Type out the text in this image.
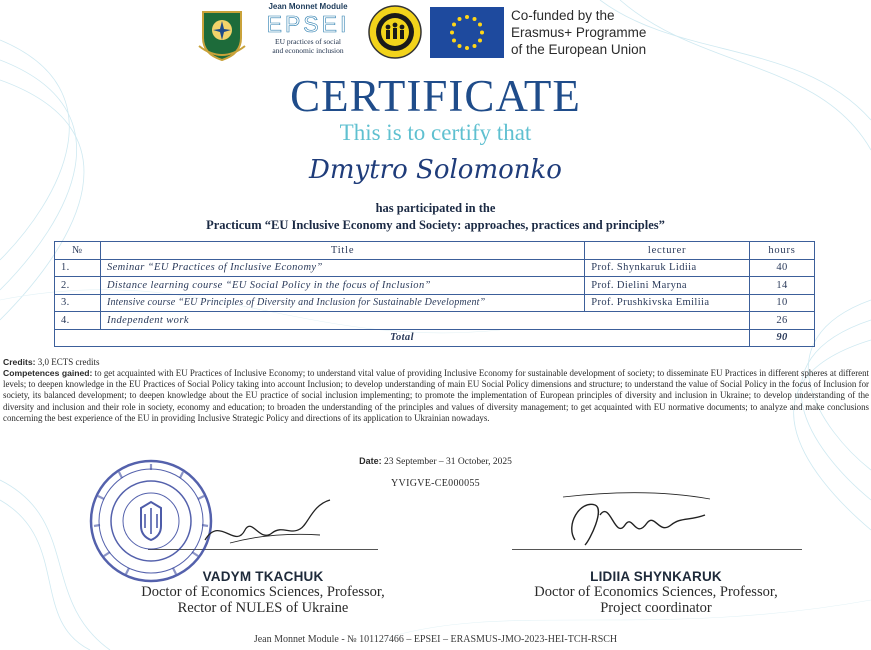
Jean Monnet Module
EPSEI
EU practices of social
and economic inclusion
Co-funded by the
Erasmus+ Programme
of the European Union
CERTIFICATE
This is to certify that
Dmytro Solomonko
has participated in the
Practicum “EU Inclusive Economy and Society: approaches, practices and principles”
№	Title	lecturer	hours
1.	Seminar “EU Practices of Inclusive Economy”	Prof. Shynkaruk Lidiia	40
2.	Distance learning course “EU Social Policy in the focus of Inclusion”	Prof. Dielini Maryna	14
3.	Intensive course “EU Principles of Diversity and Inclusion for Sustainable Development”	Prof. Prushkivska Emiliia	10
4.	Independent work		26
Total			90
Credits: 3,0 ECTS credits
Competences gained: to get acquainted with EU Practices of Inclusive Economy; to understand vital value of providing Inclusive Economy for sustainable development of society; to disseminate EU Practices in different spheres at different levels; to deepen knowledge in the EU Practices of Social Policy taking into account Inclusion; to develop understanding of main EU Social Policy dimensions and structure; to understand the value of Social Policy in the focus of Inclusion for society, its balanced development; to deepen knowledge about the EU practice of social inclusion implementing; to promote the implementation of European principles of diversity and inclusion in Ukraine; to develop understanding of the diversity and inclusion and their role in society, economy and education; to broaden the understanding of the principles and values of diversity management; to get acquainted with EU normative documents; to analyze and make conclusions concerning the best experience of the EU in providing Inclusive Strategic Policy and directions of its application to Ukrainian nowadays.
Date: 23 September – 31 October, 2025
YVIGVE-CE000055
VADYM TKACHUK
Doctor of Economics Sciences, Professor,
Rector of NULES of Ukraine
LIDIIA SHYNKARUK
Doctor of Economics Sciences, Professor,
Project coordinator
Jean Monnet Module - № 101127466 – EPSEI – ERASMUS-JMO-2023-HEI-TCH-RSCH
